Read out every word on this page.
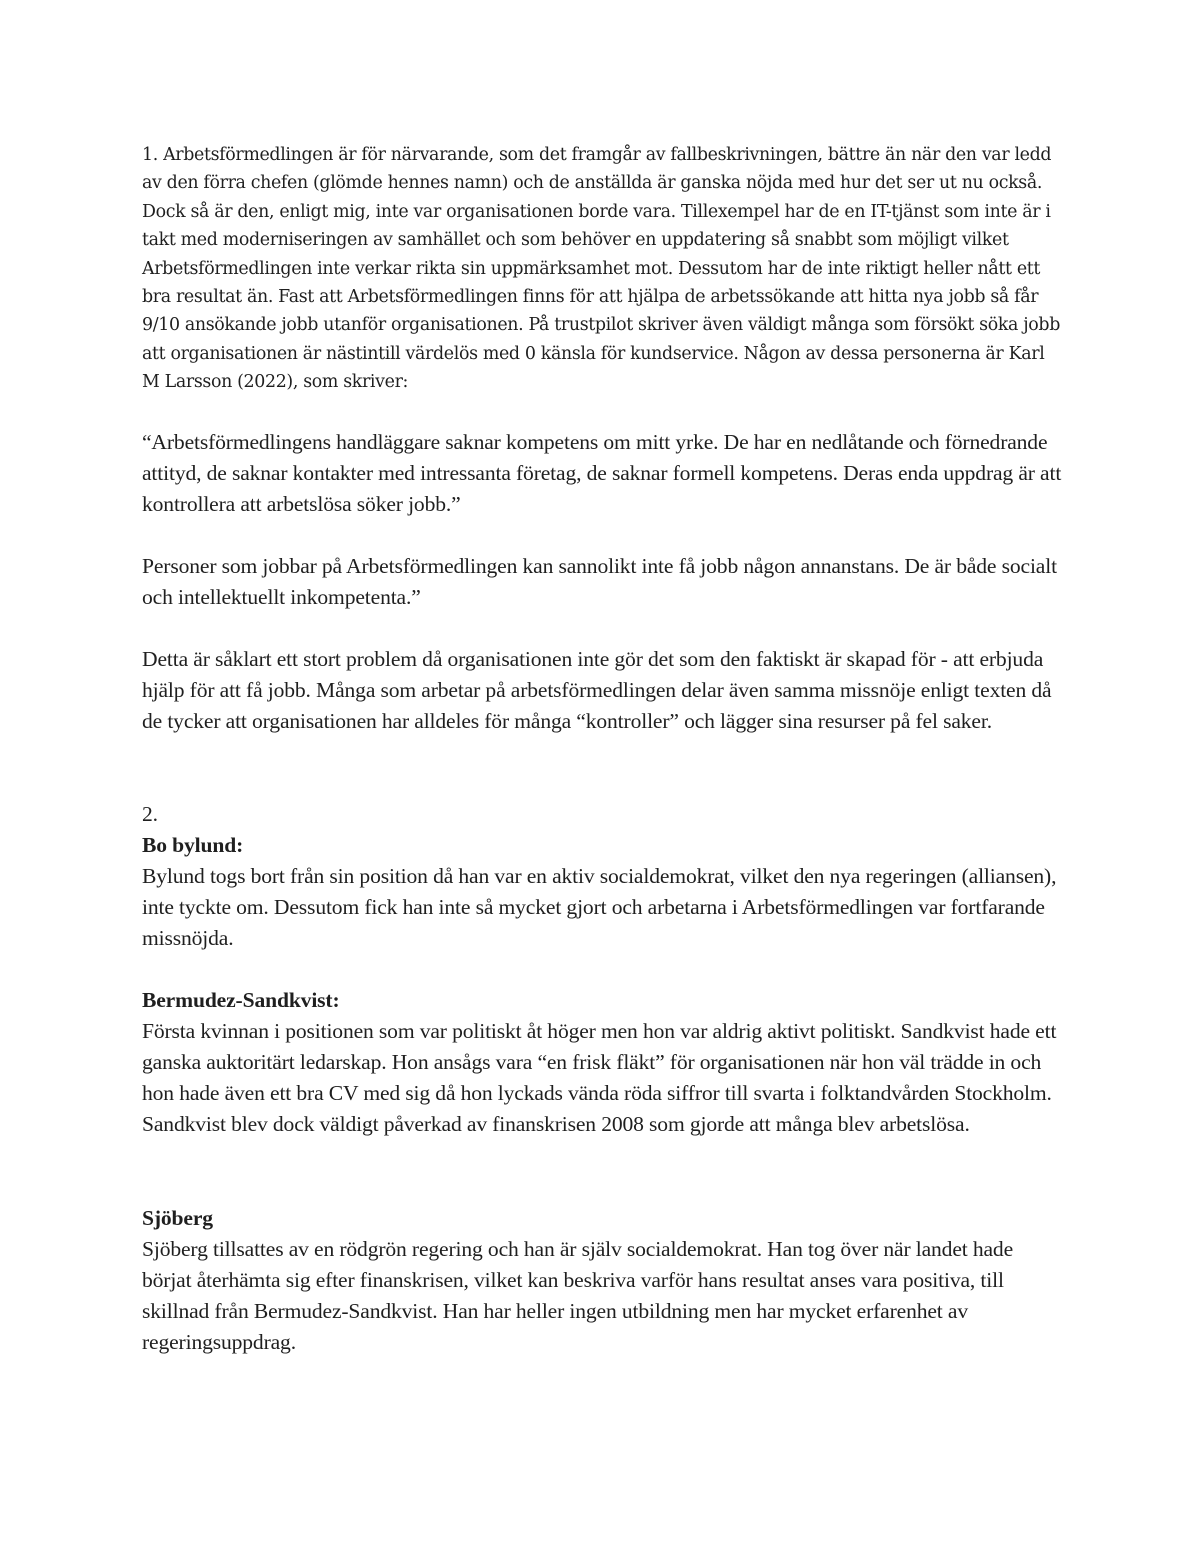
1. Arbetsförmedlingen är för närvarande, som det framgår av fallbeskrivningen, bättre än när den var ledd av den förra chefen (glömde hennes namn) och de anställda är ganska nöjda med hur det ser ut nu också. Dock så är den, enligt mig, inte var organisationen borde vara. Tillexempel har de en IT-tjänst som inte är i takt med moderniseringen av samhället och som behöver en uppdatering så snabbt som möjligt vilket Arbetsförmedlingen inte verkar rikta sin uppmärksamhet mot. Dessutom har de inte riktigt heller nått ett bra resultat än. Fast att Arbetsförmedlingen finns för att hjälpa de arbetssökande att hitta nya jobb så får 9/10 ansökande jobb utanför organisationen. På trustpilot skriver även väldigt många som försökt söka jobb att organisationen är nästintill värdelös med 0 känsla för kundservice. Någon av dessa personerna är Karl M Larsson (2022), som skriver:

“Arbetsförmedlingens handläggare saknar kompetens om mitt yrke. De har en nedlåtande och förnedrande attityd, de saknar kontakter med intressanta företag, de saknar formell kompetens. Deras enda uppdrag är att kontrollera att arbetslösa söker jobb.”

Personer som jobbar på Arbetsförmedlingen kan sannolikt inte få jobb någon annanstans. De är både socialt och intellektuellt inkompetenta.”

Detta är såklart ett stort problem då organisationen inte gör det som den faktiskt är skapad för - att erbjuda hjälp för att få jobb. Många som arbetar på arbetsförmedlingen delar även samma missnöje enligt texten då de tycker att organisationen har alldeles för många “kontroller” och lägger sina resurser på fel saker.

2.

Bo bylund:

Bylund togs bort från sin position då han var en aktiv socialdemokrat, vilket den nya regeringen (alliansen), inte tyckte om. Dessutom fick han inte så mycket gjort och arbetarna i Arbetsförmedlingen var fortfarande missnöjda.

Bermudez-Sandkvist:

Första kvinnan i positionen som var politiskt åt höger men hon var aldrig aktivt politiskt. Sandkvist hade ett ganska auktoritärt ledarskap. Hon ansågs vara “en frisk fläkt” för organisationen när hon väl trädde in och hon hade även ett bra CV med sig då hon lyckads vända röda siffror till svarta i folktandvården Stockholm. Sandkvist blev dock väldigt påverkad av finanskrisen 2008 som gjorde att många blev arbetslösa.

Sjöberg

Sjöberg tillsattes av en rödgrön regering och han är själv socialdemokrat. Han tog över när landet hade börjat återhämta sig efter finanskrisen, vilket kan beskriva varför hans resultat anses vara positiva, till skillnad från Bermudez-Sandkvist. Han har heller ingen utbildning men har mycket erfarenhet av regeringsuppdrag.
